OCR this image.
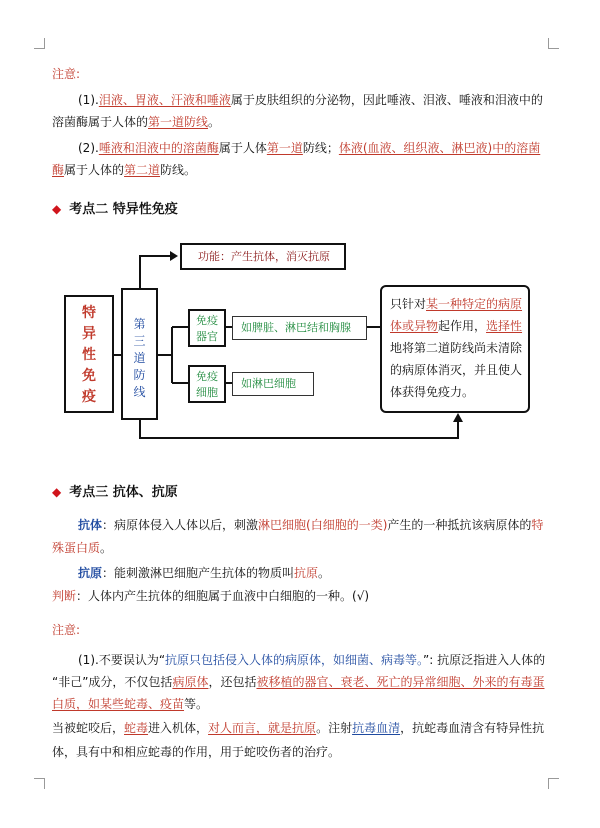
注意:
(1).泪液、胃液、汗液和唾液属于皮肤组织的分泌物，因此唾液、泪液、唾液和泪液中的
溶菌酶属于人体的第一道防线。
(2).唾液和泪液中的溶菌酶属于人体第一道防线；体液(血液、组织液、淋巴液)中的溶菌
酶属于人体的第二道防线。
◆ 考点二 特异性免疫
特
异
性
免
疫
第
三
道
防
线
功能：产生抗体，消灭抗原
免疫
器官
如脾脏、淋巴结和胸腺
免疫
细胞
如淋巴细胞
只针对某一种特定的病原
体或异物起作用，选择性
地将第二道防线尚未清除
的病原体消灭，并且使人
体获得免疫力。
◆ 考点三 抗体、抗原
抗体：病原体侵入人体以后，刺激淋巴细胞(白细胞的一类)产生的一种抵抗该病原体的特
殊蛋白质。
抗原：能刺激淋巴细胞产生抗体的物质叫抗原。
判断：人体内产生抗体的细胞属于血液中白细胞的一种。(√)
注意:
(1).不要误认为“抗原只包括侵入人体的病原体，如细菌、病毒等。”: 抗原泛指进入人体的
“非己”成分，不仅包括病原体，还包括被移植的器官、衰老、死亡的异常细胞、外来的有毒蛋
白质，如某些蛇毒、疫苗等。
当被蛇咬后，蛇毒进入机体，对人而言，就是抗原。注射抗毒血清，抗蛇毒血清含有特异性抗
体，具有中和相应蛇毒的作用，用于蛇咬伤者的治疗。
